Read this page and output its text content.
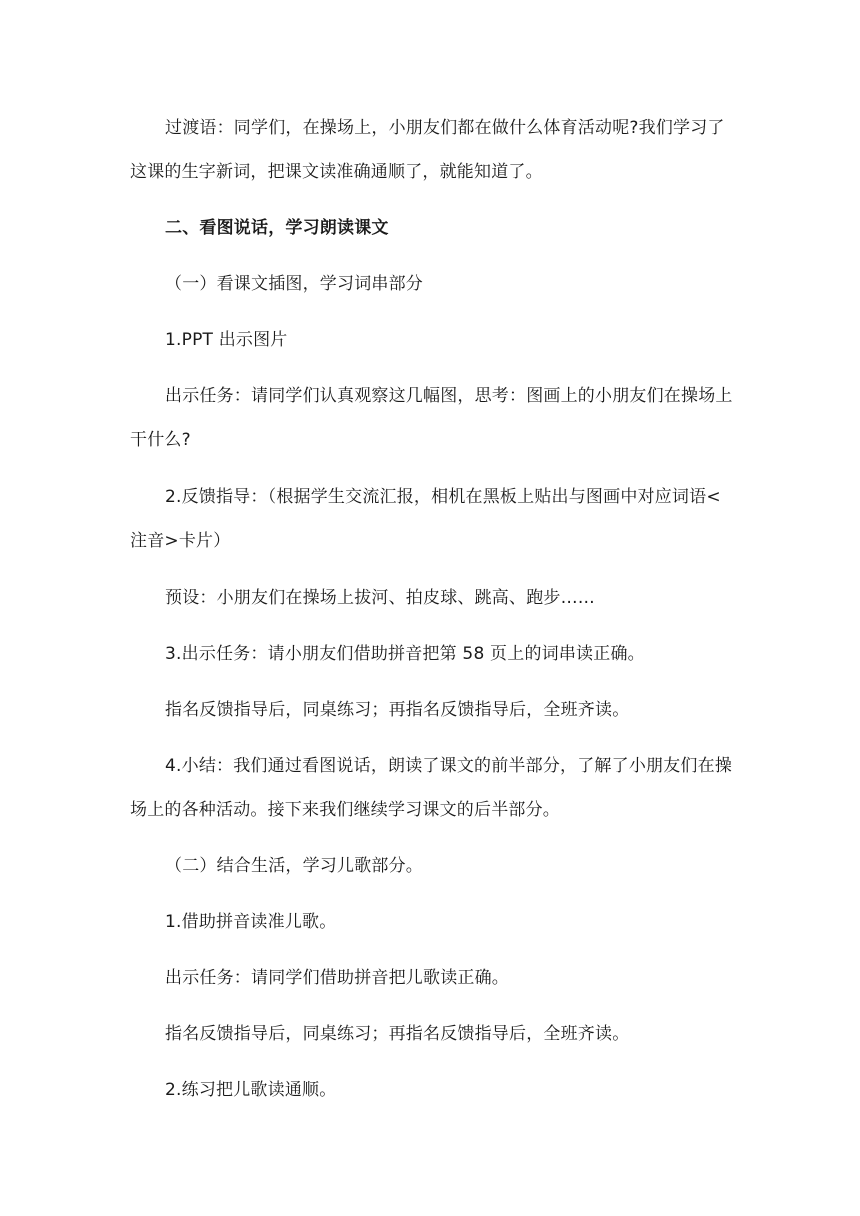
过渡语：同学们，在操场上，小朋友们都在做什么体育活动呢?我们学习了
这课的生字新词，把课文读准确通顺了，就能知道了。
二、看图说话，学习朗读课文
（一）看课文插图，学习词串部分
1.PPT 出示图片
出示任务：请同学们认真观察这几幅图，思考：图画上的小朋友们在操场上
干什么?
2.反馈指导：（根据学生交流汇报，相机在黑板上贴出与图画中对应词语<
注音>卡片）
预设：小朋友们在操场上拔河、拍皮球、跳高、跑步……
3.出示任务：请小朋友们借助拼音把第 58 页上的词串读正确。
指名反馈指导后，同桌练习；再指名反馈指导后，全班齐读。
4.小结：我们通过看图说话，朗读了课文的前半部分，了解了小朋友们在操
场上的各种活动。接下来我们继续学习课文的后半部分。
（二）结合生活，学习儿歌部分。
1.借助拼音读准儿歌。
出示任务：请同学们借助拼音把儿歌读正确。
指名反馈指导后，同桌练习；再指名反馈指导后，全班齐读。
2.练习把儿歌读通顺。
